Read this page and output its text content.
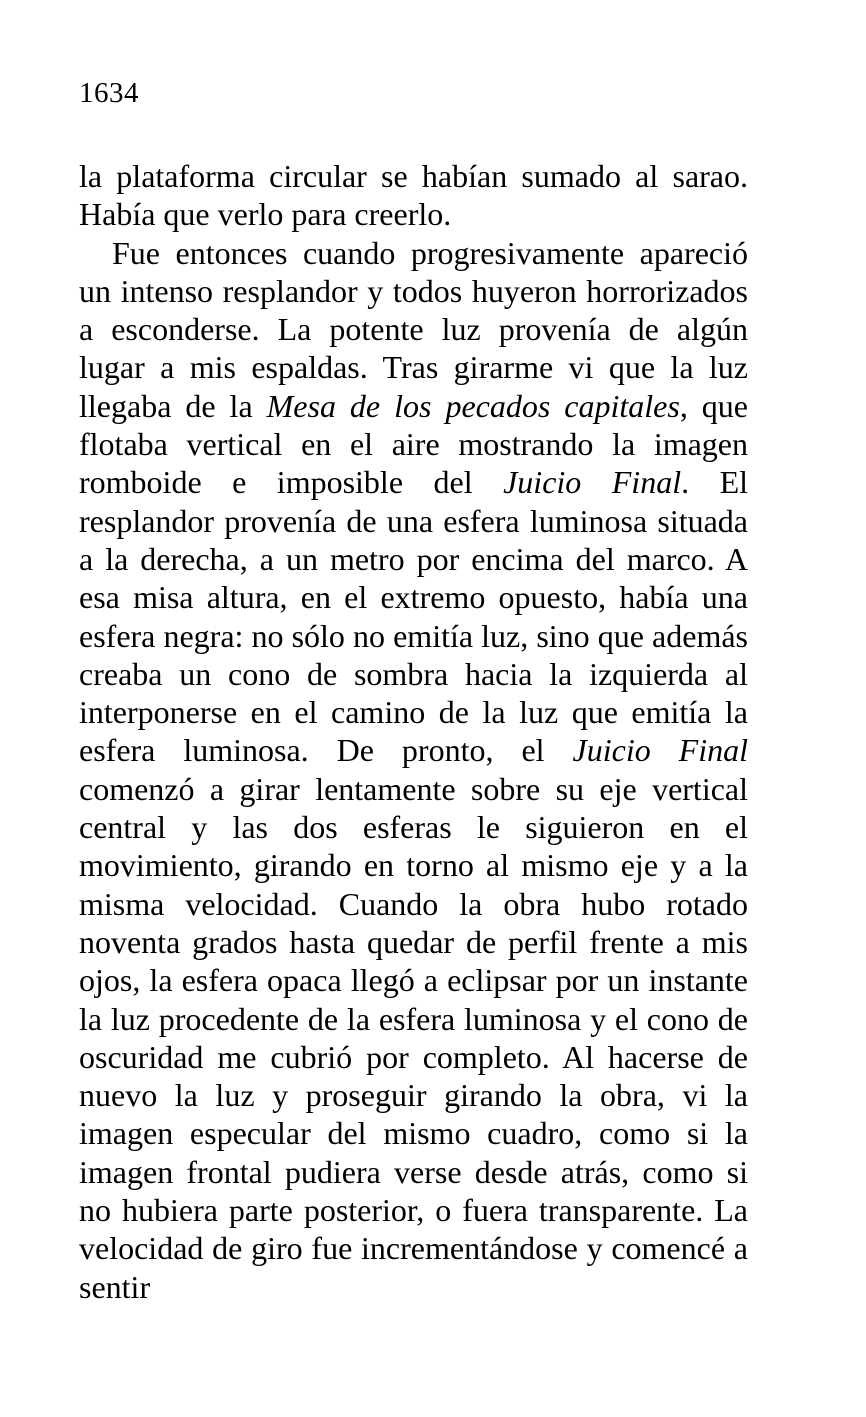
1634

la plataforma circular se habían sumado al sarao. Había que verlo para creerlo.

Fue entonces cuando progresivamente apareció un intenso resplandor y todos huyeron horrorizados a esconderse. La potente luz provenía de algún lugar a mis espaldas. Tras girarme vi que la luz llegaba de la Mesa de los pecados capitales, que flotaba vertical en el aire mostrando la imagen romboide e imposible del Juicio Final. El resplandor provenía de una esfera luminosa situada a la derecha, a un metro por encima del marco. A esa misa altura, en el extremo opuesto, había una esfera negra: no sólo no emitía luz, sino que además creaba un cono de sombra hacia la izquierda al interponerse en el camino de la luz que emitía la esfera luminosa. De pronto, el Juicio Final comenzó a girar lentamente sobre su eje vertical central y las dos esferas le siguieron en el movimiento, girando en torno al mismo eje y a la misma velocidad. Cuando la obra hubo rotado noventa grados hasta quedar de perfil frente a mis ojos, la esfera opaca llegó a eclipsar por un instante la luz procedente de la esfera luminosa y el cono de oscuridad me cubrió por completo. Al hacerse de nuevo la luz y proseguir girando la obra, vi la imagen especular del mismo cuadro, como si la imagen frontal pudiera verse desde atrás, como si no hubiera parte posterior, o fuera transparente. La velocidad de giro fue incrementándose y comencé a sentir
